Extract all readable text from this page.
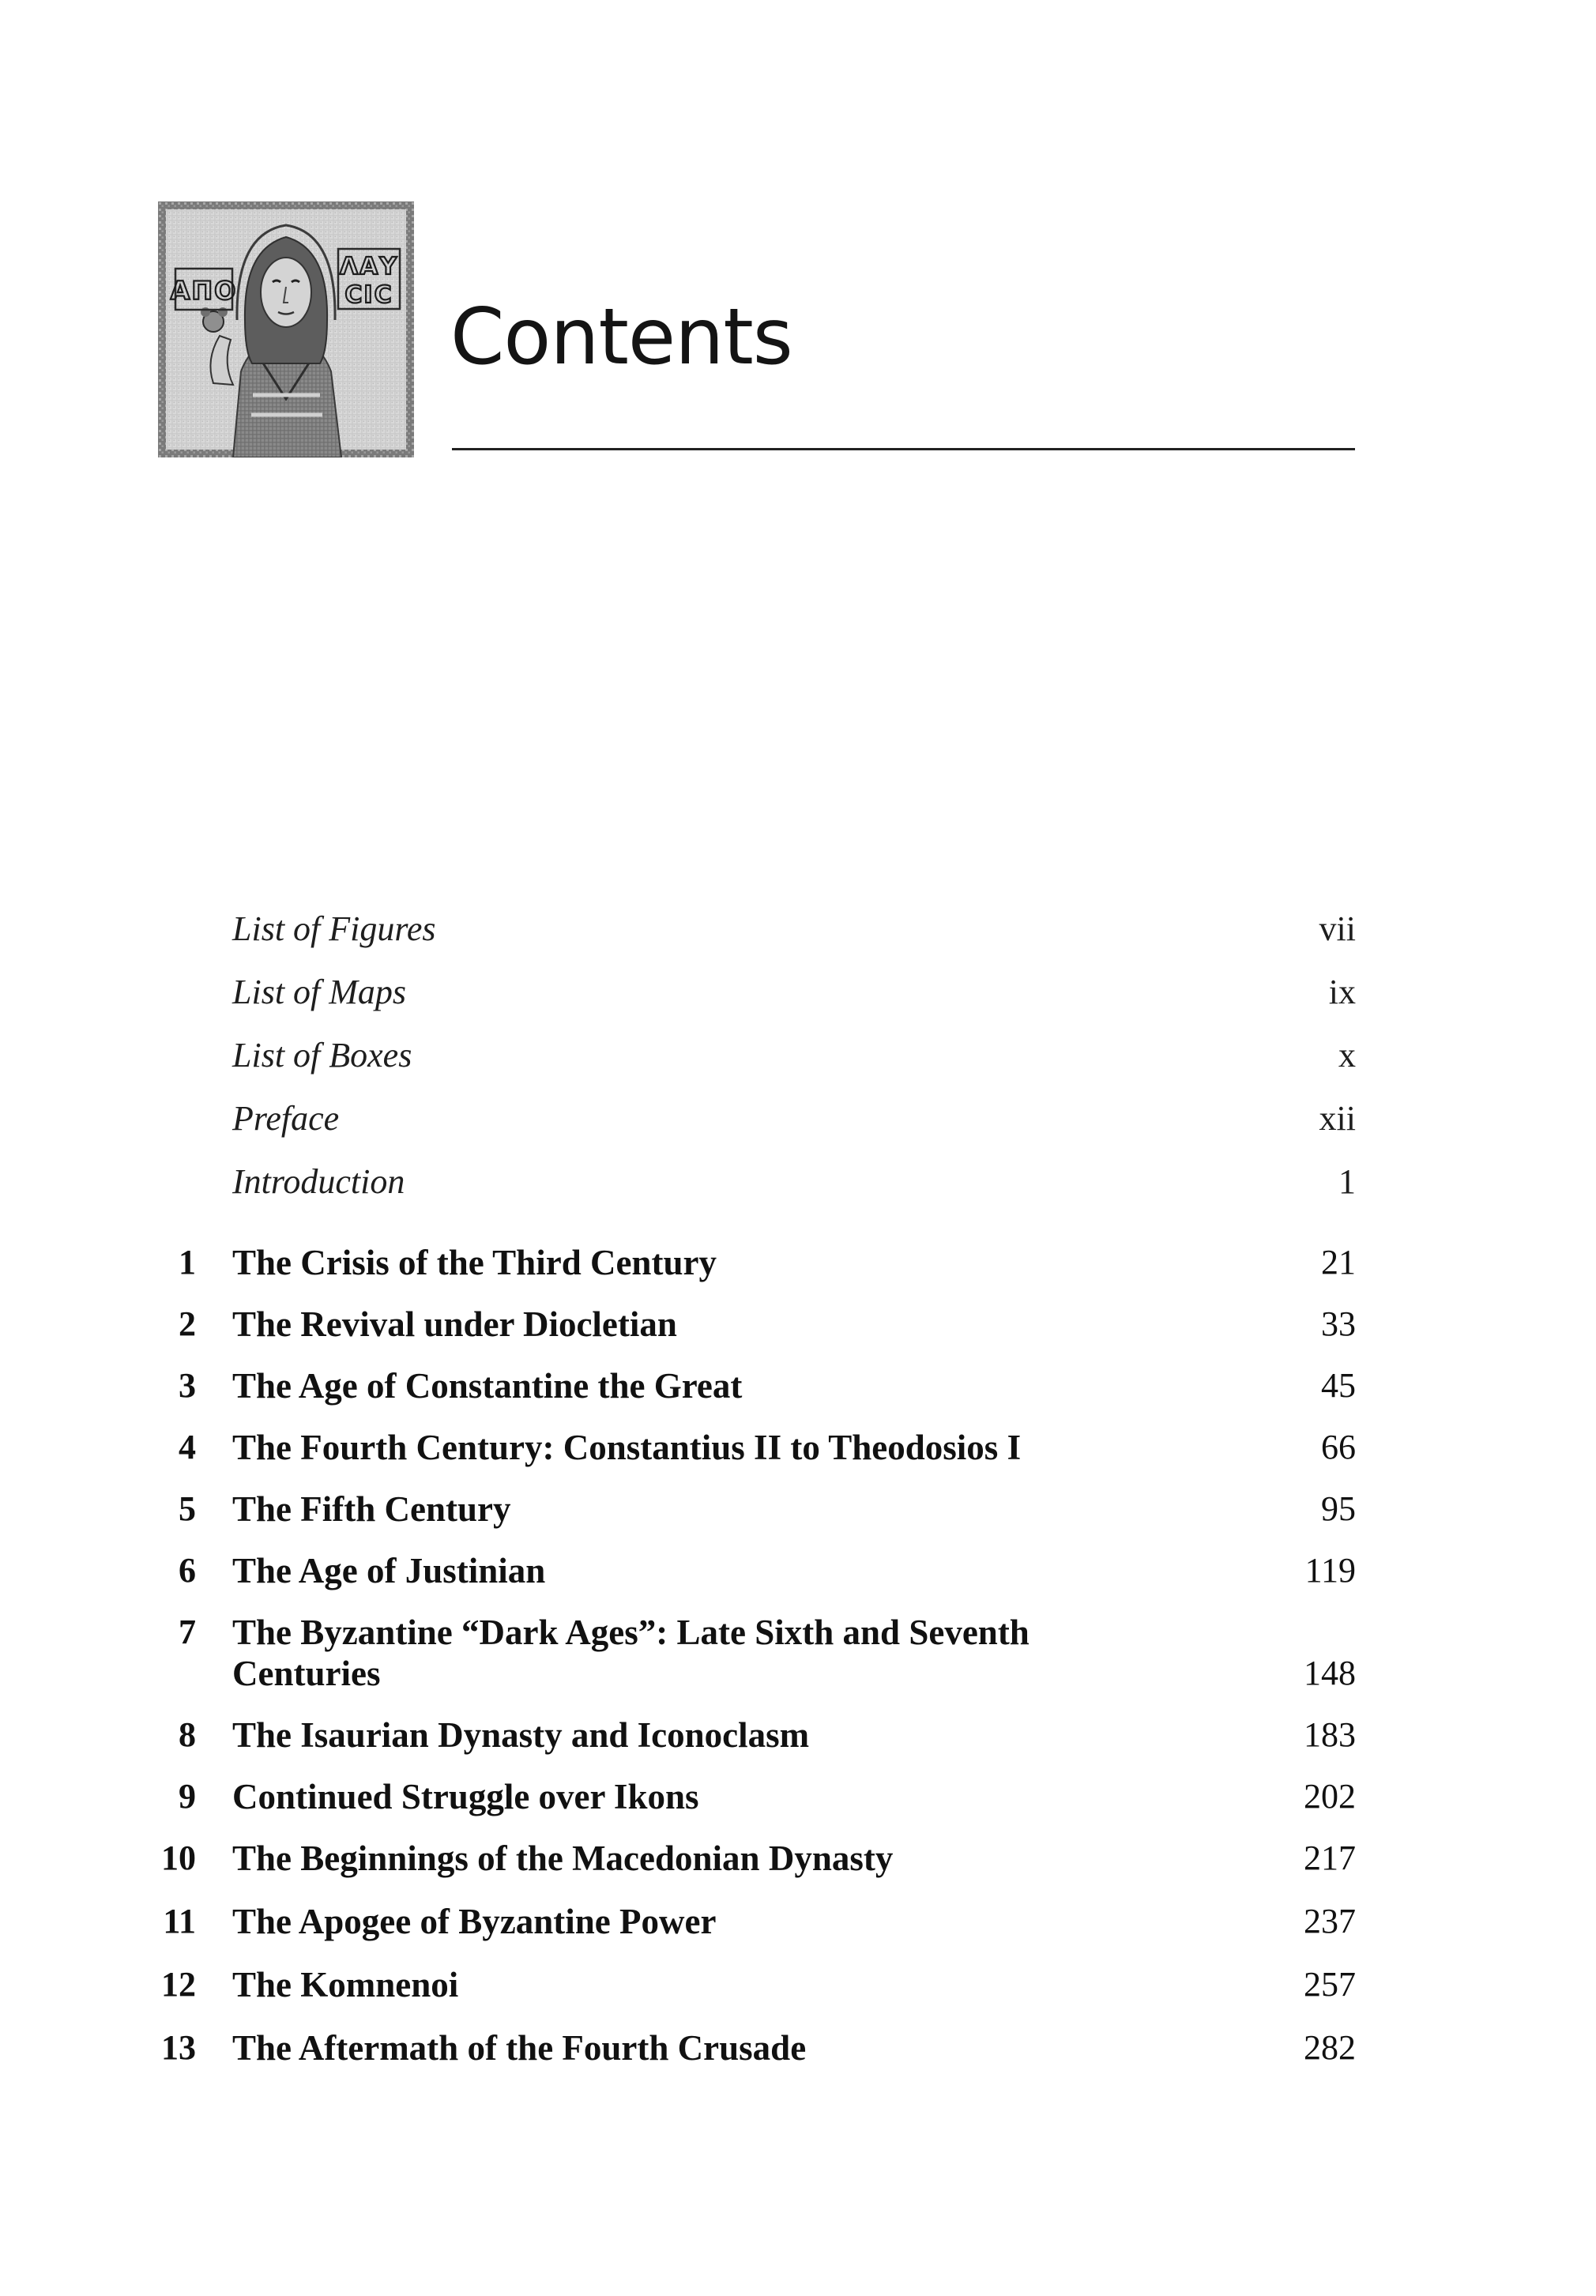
ΑΠΟ
ΛΑΥ
CIC Contents
List of Figures	vii
List of Maps	ix
List of Boxes	x
Preface	xii
Introduction	1
1 The Crisis of the Third Century	21
2 The Revival under Diocletian	33
3 The Age of Constantine the Great	45
4 The Fourth Century: Constantius II to Theodosios I	66
5 The Fifth Century	95
6 The Age of Justinian	119
7 The Byzantine “Dark Ages”: Late Sixth and Seventh Centuries	148
8 The Isaurian Dynasty and Iconoclasm	183
9 Continued Struggle over Ikons	202
10 The Beginnings of the Macedonian Dynasty	217
11 The Apogee of Byzantine Power	237
12 The Komnenoi	257
13 The Aftermath of the Fourth Crusade	282
